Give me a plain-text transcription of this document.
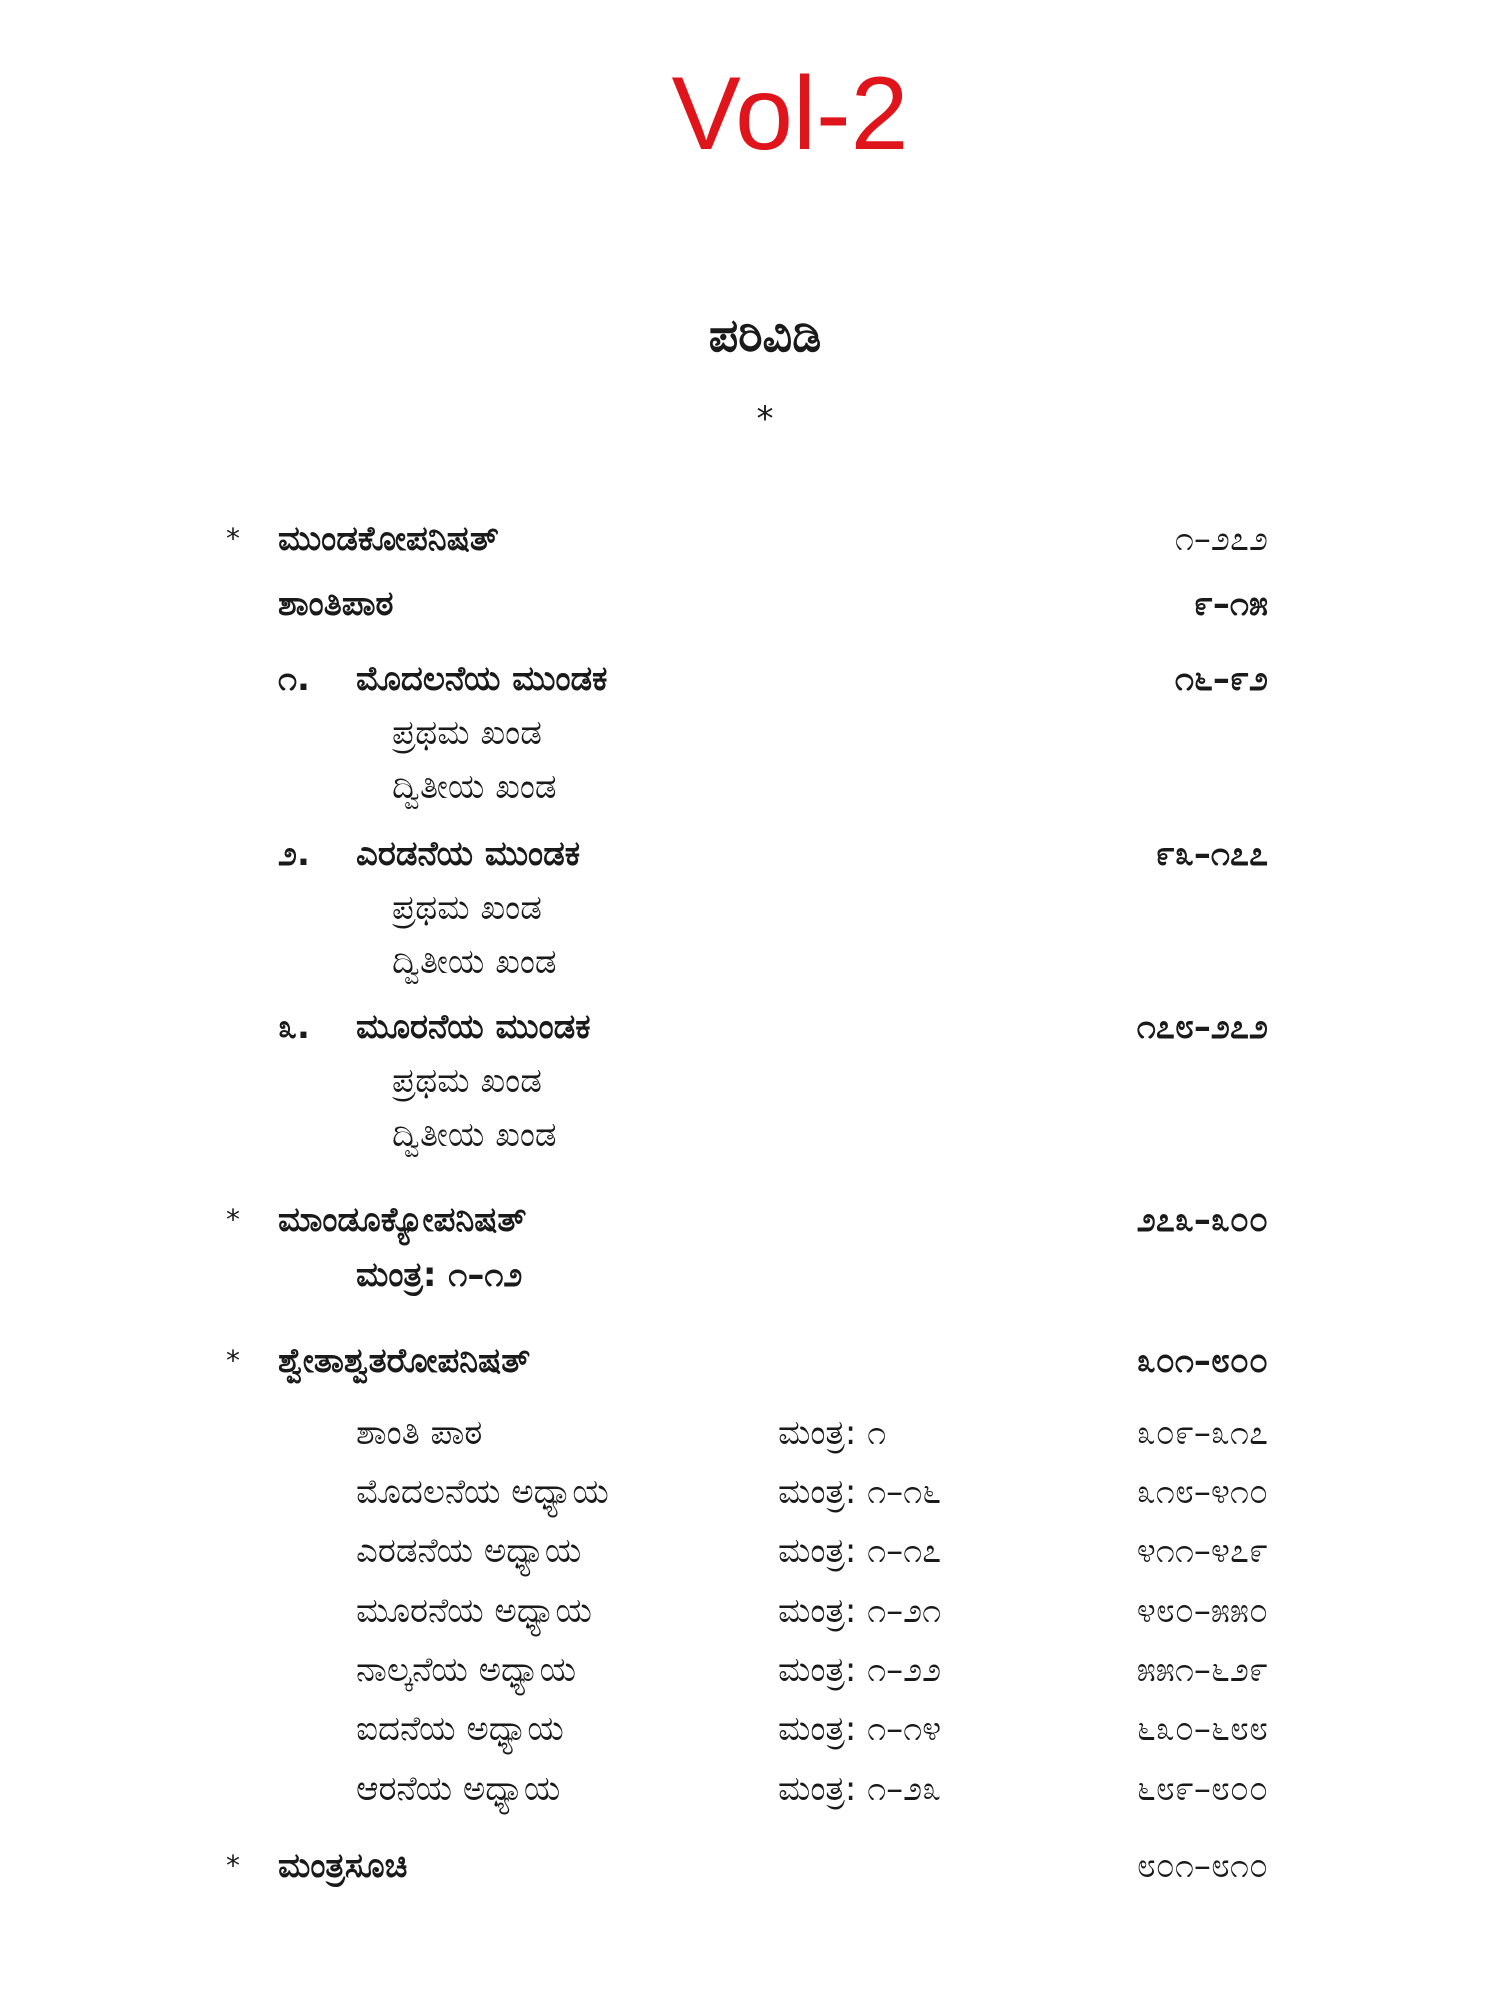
Vol-2
ಪರಿವಿಡಿ
*
* ಮುಂಡಕೋಪನಿಷತ್	೧–೨೭೨
ಶಾಂತಿಪಾಠ	೯–೧೫
೧. ಮೊದಲನೆಯ ಮುಂಡಕ	೧೬–೯೨
ಪ್ರಥಮ ಖಂಡ
ದ್ವಿತೀಯ ಖಂಡ
೨. ಎರಡನೆಯ ಮುಂಡಕ	೯೩–೧೭೭
ಪ್ರಥಮ ಖಂಡ
ದ್ವಿತೀಯ ಖಂಡ
೩. ಮೂರನೆಯ ಮುಂಡಕ	೧೭೮–೨೭೨
ಪ್ರಥಮ ಖಂಡ
ದ್ವಿತೀಯ ಖಂಡ
* ಮಾಂಡೂಕ್ಯೋಪನಿಷತ್	೨೭೩–೩೦೦
ಮಂತ್ರ: ೧–೧೨
* ಶ್ವೇತಾಶ್ವತರೋಪನಿಷತ್	೩೦೧–೮೦೦
ಶಾಂತಿ ಪಾಠ	ಮಂತ್ರ: ೧	೩೦೯–೩೧೭
ಮೊದಲನೆಯ ಅಧ್ಯಾಯ	ಮಂತ್ರ: ೧–೧೬	೩೧೮–೪೧೦
ಎರಡನೆಯ ಅಧ್ಯಾಯ	ಮಂತ್ರ: ೧–೧೭	೪೧೧–೪೭೯
ಮೂರನೆಯ ಅಧ್ಯಾಯ	ಮಂತ್ರ: ೧–೨೧	೪೮೦–೫೫೦
ನಾಲ್ಕನೆಯ ಅಧ್ಯಾಯ	ಮಂತ್ರ: ೧–೨೨	೫೫೧–೬೨೯
ಐದನೆಯ ಅಧ್ಯಾಯ	ಮಂತ್ರ: ೧–೧೪	೬೩೦–೬೮೮
ಆರನೆಯ ಅಧ್ಯಾಯ	ಮಂತ್ರ: ೧–೨೩	೬೮೯–೮೦೦
* ಮಂತ್ರಸೂಚಿ	೮೦೧–೮೧೦
